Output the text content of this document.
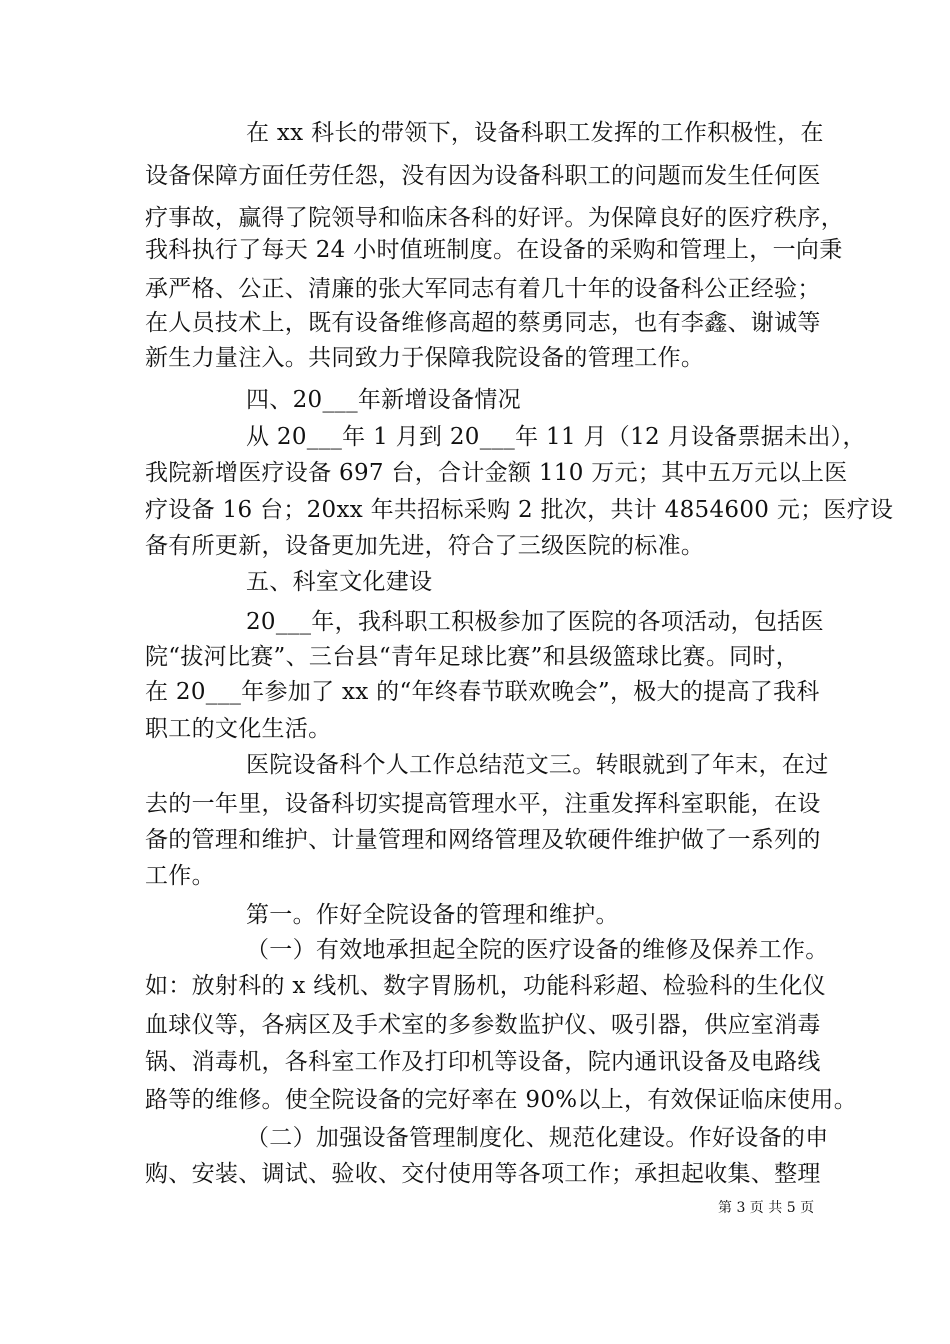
在 xx 科长的带领下，设备科职工发挥的工作积极性，在
设备保障方面任劳任怨，没有因为设备科职工的问题而发生任何医
疗事故，赢得了院领导和临床各科的好评。为保障良好的医疗秩序，
我科执行了每天 24 小时值班制度。在设备的采购和管理上，一向秉
承严格、公正、清廉的张大军同志有着几十年的设备科公正经验；
在人员技术上，既有设备维修高超的蔡勇同志，也有李鑫、谢诚等
新生力量注入。共同致力于保障我院设备的管理工作。
四、20___年新增设备情况
从 20___年 1 月到 20___年 11 月（12 月设备票据未出），
我院新增医疗设备 697 台，合计金额 110 万元；其中五万元以上医
疗设备 16 台；20xx 年共招标采购 2 批次，共计 4854600 元；医疗设
备有所更新，设备更加先进，符合了三级医院的标准。
五、科室文化建设
20___年，我科职工积极参加了医院的各项活动，包括医
院“拔河比赛”、三台县“青年足球比赛”和县级篮球比赛。同时，
在 20___年参加了 xx 的“年终春节联欢晚会”，极大的提高了我科
职工的文化生活。
医院设备科个人工作总结范文三。转眼就到了年末，在过
去的一年里，设备科切实提高管理水平，注重发挥科室职能，在设
备的管理和维护、计量管理和网络管理及软硬件维护做了一系列的
工作。
第一。作好全院设备的管理和维护。
（一）有效地承担起全院的医疗设备的维修及保养工作。
如：放射科的 x 线机、数字胃肠机，功能科彩超、检验科的生化仪
血球仪等，各病区及手术室的多参数监护仪、吸引器，供应室消毒
锅、消毒机，各科室工作及打印机等设备，院内通讯设备及电路线
路等的维修。使全院设备的完好率在 90%以上，有效保证临床使用。
（二）加强设备管理制度化、规范化建设。作好设备的申
购、安装、调试、验收、交付使用等各项工作；承担起收集、整理
第 3 页 共 5 页
